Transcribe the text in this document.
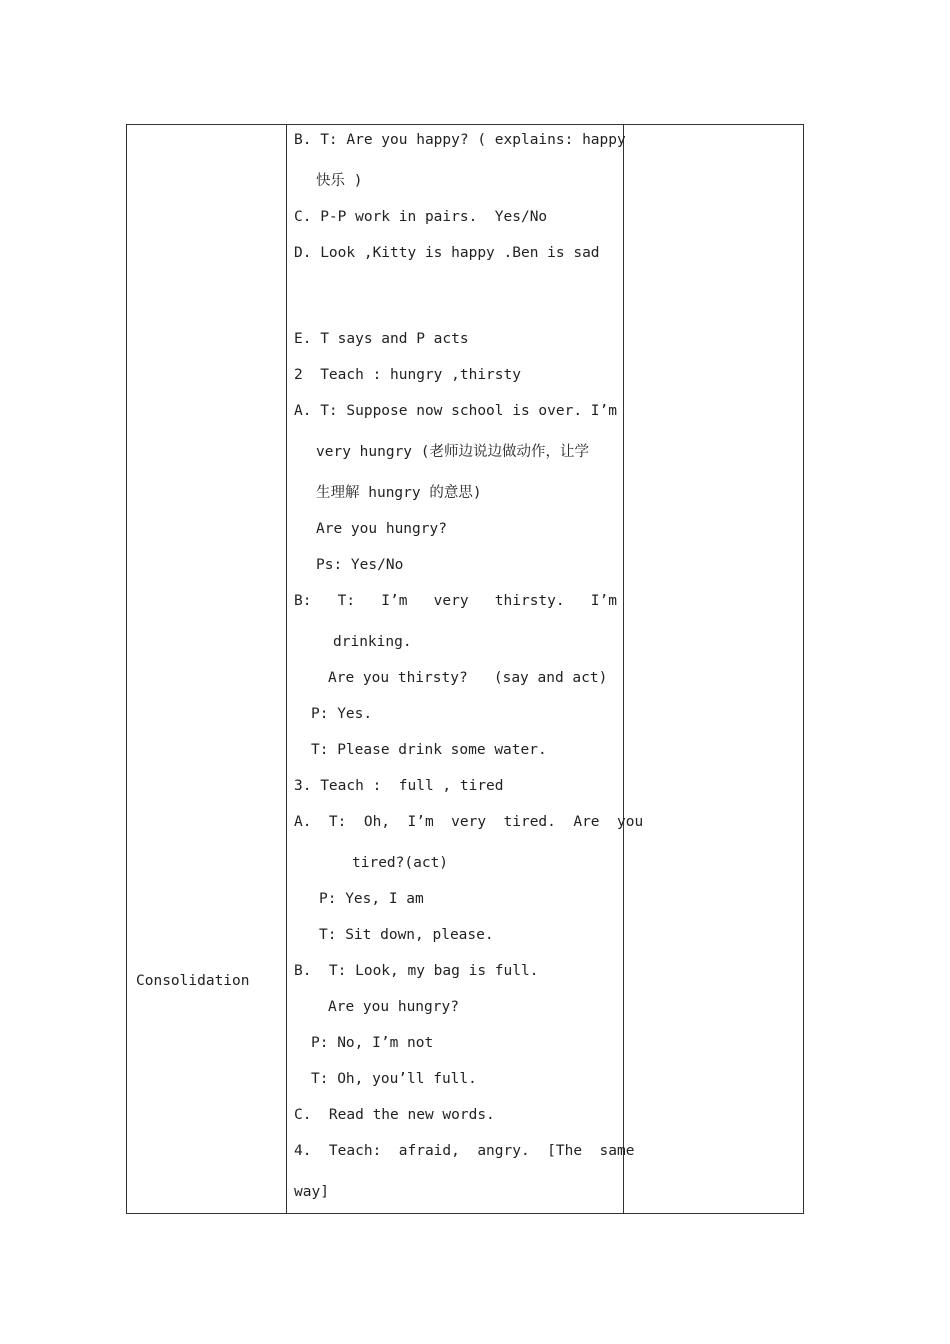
Consolidation
B. T: Are you happy? ( explains: happy
快乐 )
C. P-P work in pairs.  Yes/No
D. Look ,Kitty is happy .Ben is sad
E. T says and P acts
2  Teach : hungry ,thirsty
A. T: Suppose now school is over. I’m
very hungry (老师边说边做动作，让学
生理解 hungry 的意思)
Are you hungry?
Ps: Yes/No
B:   T:   I’m   very   thirsty.   I’m
drinking.
Are you thirsty?   (say and act)
P: Yes.
T: Please drink some water.
3. Teach :  full , tired
A.  T:  Oh,  I’m  very  tired.  Are  you
tired?(act)
P: Yes, I am
T: Sit down, please.
B.  T: Look, my bag is full.
Are you hungry?
P: No, I’m not
T: Oh, you’ll full.
C.  Read the new words.
4.  Teach:  afraid,  angry.  [The  same
way]
